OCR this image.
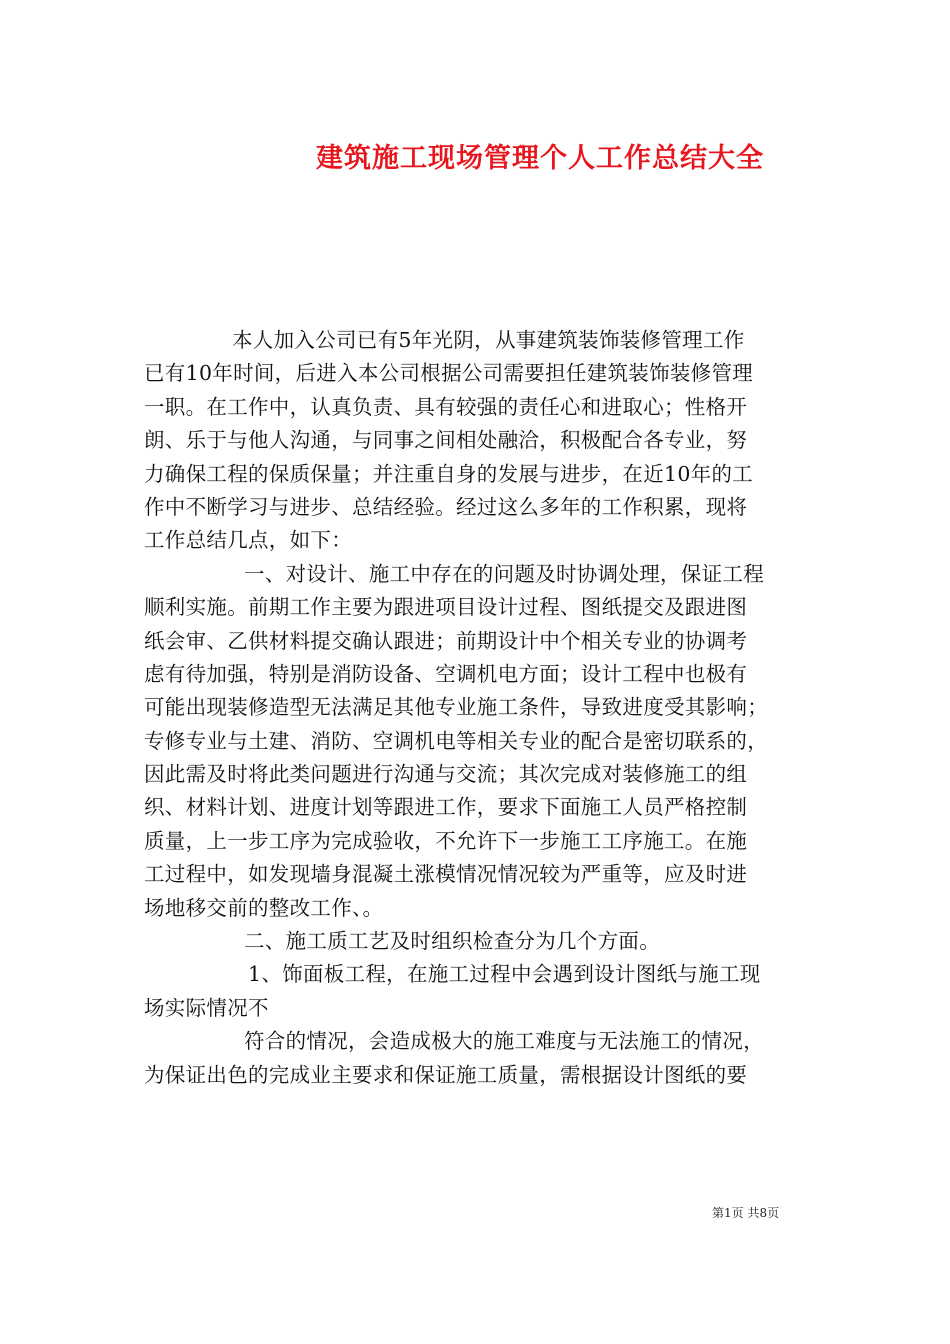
建筑施工现场管理个人工作总结大全
本人加入公司已有5年光阴，从事建筑装饰装修管理工作
已有10年时间，后进入本公司根据公司需要担任建筑装饰装修管理
一职。在工作中，认真负责、具有较强的责任心和进取心；性格开
朗、乐于与他人沟通，与同事之间相处融洽，积极配合各专业，努
力确保工程的保质保量；并注重自身的发展与进步，在近10年的工
作中不断学习与进步、总结经验。经过这么多年的工作积累，现将
工作总结几点，如下：
一、对设计、施工中存在的问题及时协调处理，保证工程
顺利实施。前期工作主要为跟进项目设计过程、图纸提交及跟进图
纸会审、乙供材料提交确认跟进；前期设计中个相关专业的协调考
虑有待加强，特别是消防设备、空调机电方面；设计工程中也极有
可能出现装修造型无法满足其他专业施工条件，导致进度受其影响；
专修专业与土建、消防、空调机电等相关专业的配合是密切联系的，
因此需及时将此类问题进行沟通与交流；其次完成对装修施工的组
织、材料计划、进度计划等跟进工作，要求下面施工人员严格控制
质量，上一步工序为完成验收，不允许下一步施工工序施工。在施
工过程中，如发现墙身混凝土涨模情况情况较为严重等，应及时进
场地移交前的整改工作、。
二、施工质工艺及时组织检查分为几个方面。
1、饰面板工程，在施工过程中会遇到设计图纸与施工现
场实际情况不
符合的情况，会造成极大的施工难度与无法施工的情况，
为保证出色的完成业主要求和保证施工质量，需根据设计图纸的要
第1页 共8页
